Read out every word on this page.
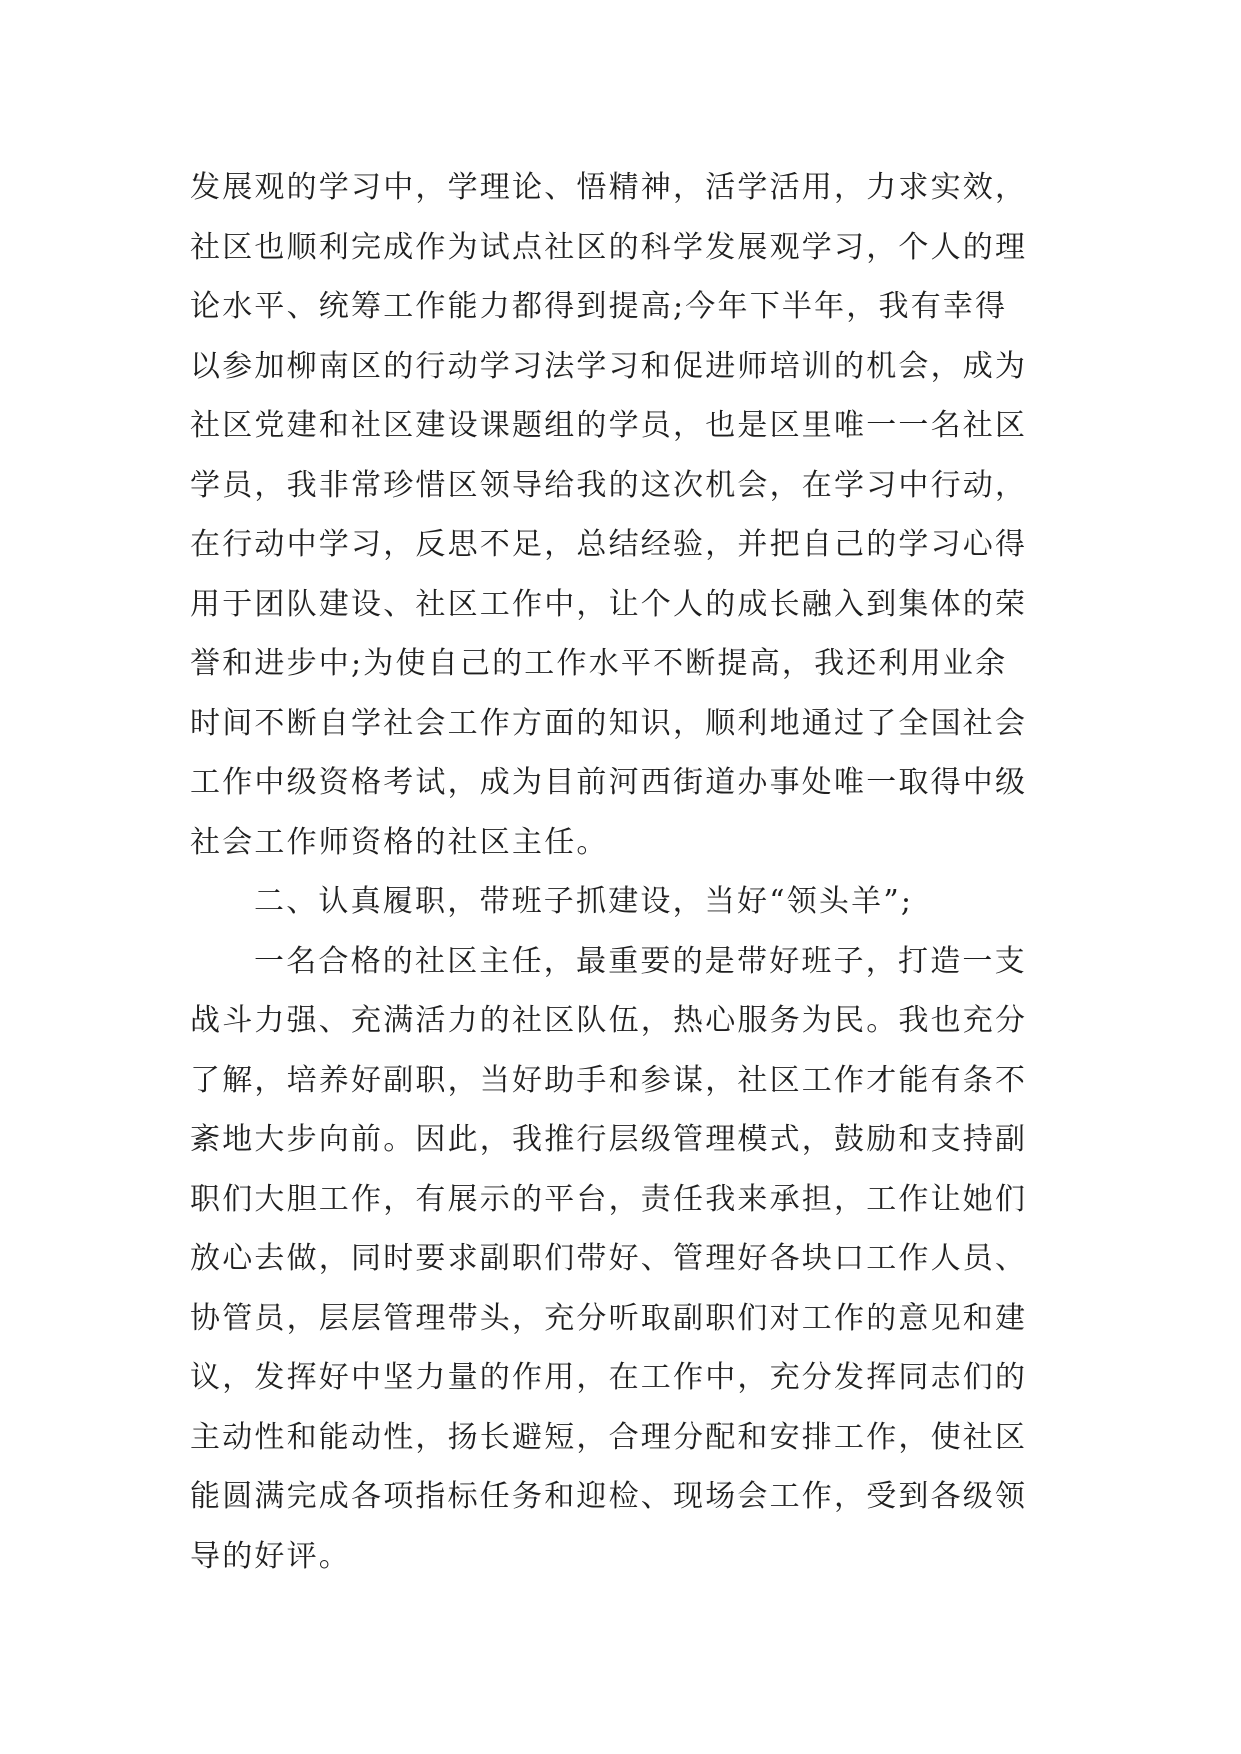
发展观的学习中，学理论、悟精神，活学活用，力求实效，
社区也顺利完成作为试点社区的科学发展观学习，个人的理
论水平、统筹工作能力都得到提高;今年下半年，我有幸得
以参加柳南区的行动学习法学习和促进师培训的机会，成为
社区党建和社区建设课题组的学员，也是区里唯一一名社区
学员，我非常珍惜区领导给我的这次机会，在学习中行动，
在行动中学习，反思不足，总结经验，并把自己的学习心得
用于团队建设、社区工作中，让个人的成长融入到集体的荣
誉和进步中;为使自己的工作水平不断提高，我还利用业余
时间不断自学社会工作方面的知识，顺利地通过了全国社会
工作中级资格考试，成为目前河西街道办事处唯一取得中级
社会工作师资格的社区主任。
二、认真履职，带班子抓建设，当好“领头羊”;
一名合格的社区主任，最重要的是带好班子，打造一支
战斗力强、充满活力的社区队伍，热心服务为民。我也充分
了解，培养好副职，当好助手和参谋，社区工作才能有条不
紊地大步向前。因此，我推行层级管理模式，鼓励和支持副
职们大胆工作，有展示的平台，责任我来承担，工作让她们
放心去做，同时要求副职们带好、管理好各块口工作人员、
协管员，层层管理带头，充分听取副职们对工作的意见和建
议，发挥好中坚力量的作用，在工作中，充分发挥同志们的
主动性和能动性，扬长避短，合理分配和安排工作，使社区
能圆满完成各项指标任务和迎检、现场会工作，受到各级领
导的好评。
